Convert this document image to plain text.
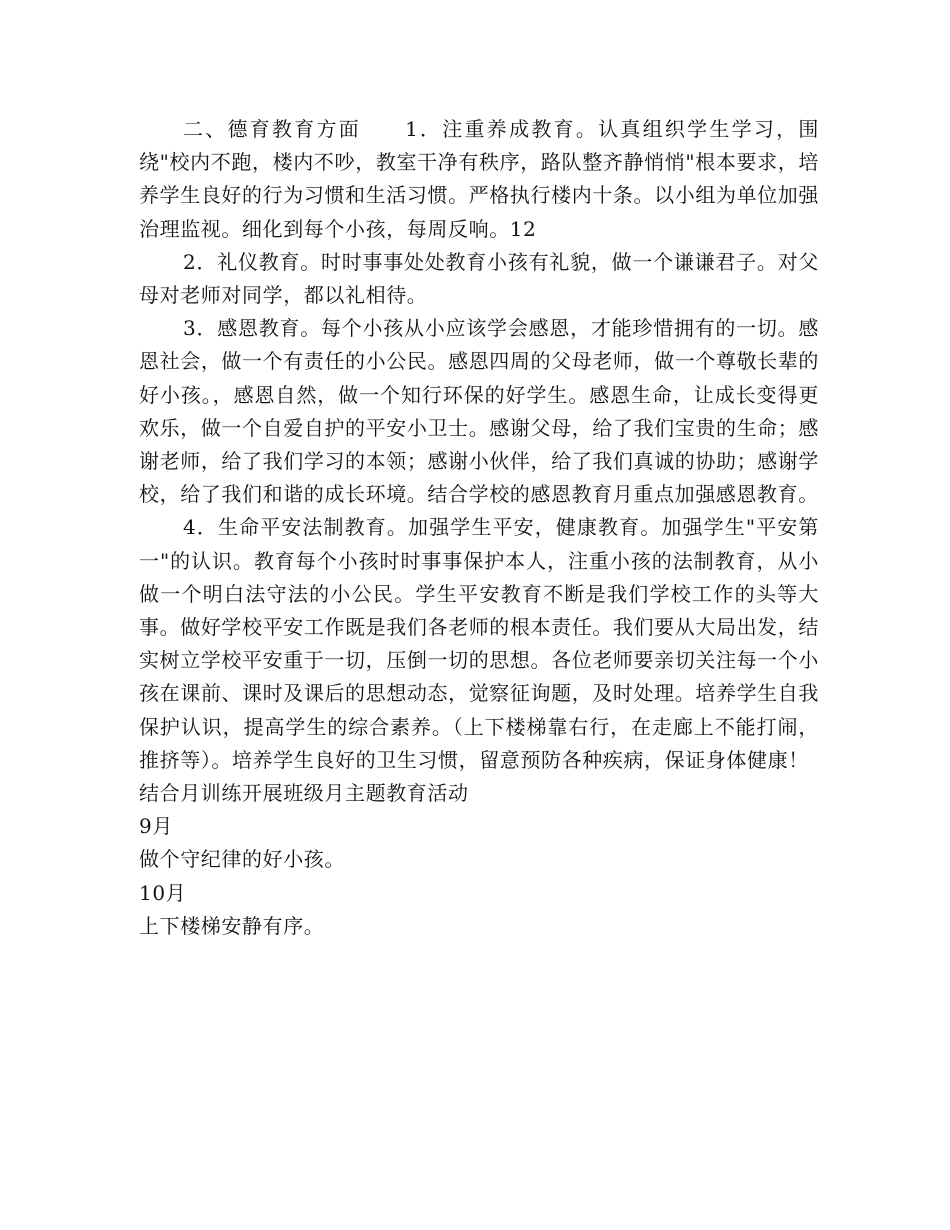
二、德育教育方面 1．注重养成教育。认真组织学生学习，围绕"校内不跑，楼内不吵，教室干净有秩序，路队整齐静悄悄"根本要求，培养学生良好的行为习惯和生活习惯。严格执行楼内十条。以小组为单位加强治理监视。细化到每个小孩，每周反响。12

2．礼仪教育。时时事事处处教育小孩有礼貌，做一个谦谦君子。对父母对老师对同学，都以礼相待。

3．感恩教育。每个小孩从小应该学会感恩，才能珍惜拥有的一切。感恩社会，做一个有责任的小公民。感恩四周的父母老师，做一个尊敬长辈的好小孩。，感恩自然，做一个知行环保的好学生。感恩生命，让成长变得更欢乐，做一个自爱自护的平安小卫士。感谢父母，给了我们宝贵的生命；感谢老师，给了我们学习的本领；感谢小伙伴，给了我们真诚的协助；感谢学校，给了我们和谐的成长环境。结合学校的感恩教育月重点加强感恩教育。

4．生命平安法制教育。加强学生平安，健康教育。加强学生"平安第一"的认识。教育每个小孩时时事事保护本人，注重小孩的法制教育，从小做一个明白法守法的小公民。学生平安教育不断是我们学校工作的头等大事。做好学校平安工作既是我们各老师的根本责任。我们要从大局出发，结实树立学校平安重于一切，压倒一切的思想。各位老师要亲切关注每一个小孩在课前、课时及课后的思想动态，觉察征询题，及时处理。培养学生自我保护认识，提高学生的综合素养。（上下楼梯靠右行，在走廊上不能打闹，推挤等）。培养学生良好的卫生习惯，留意预防各种疾病，保证身体健康！

结合月训练开展班级月主题教育活动

9月

做个守纪律的好小孩。

10月

上下楼梯安静有序。
